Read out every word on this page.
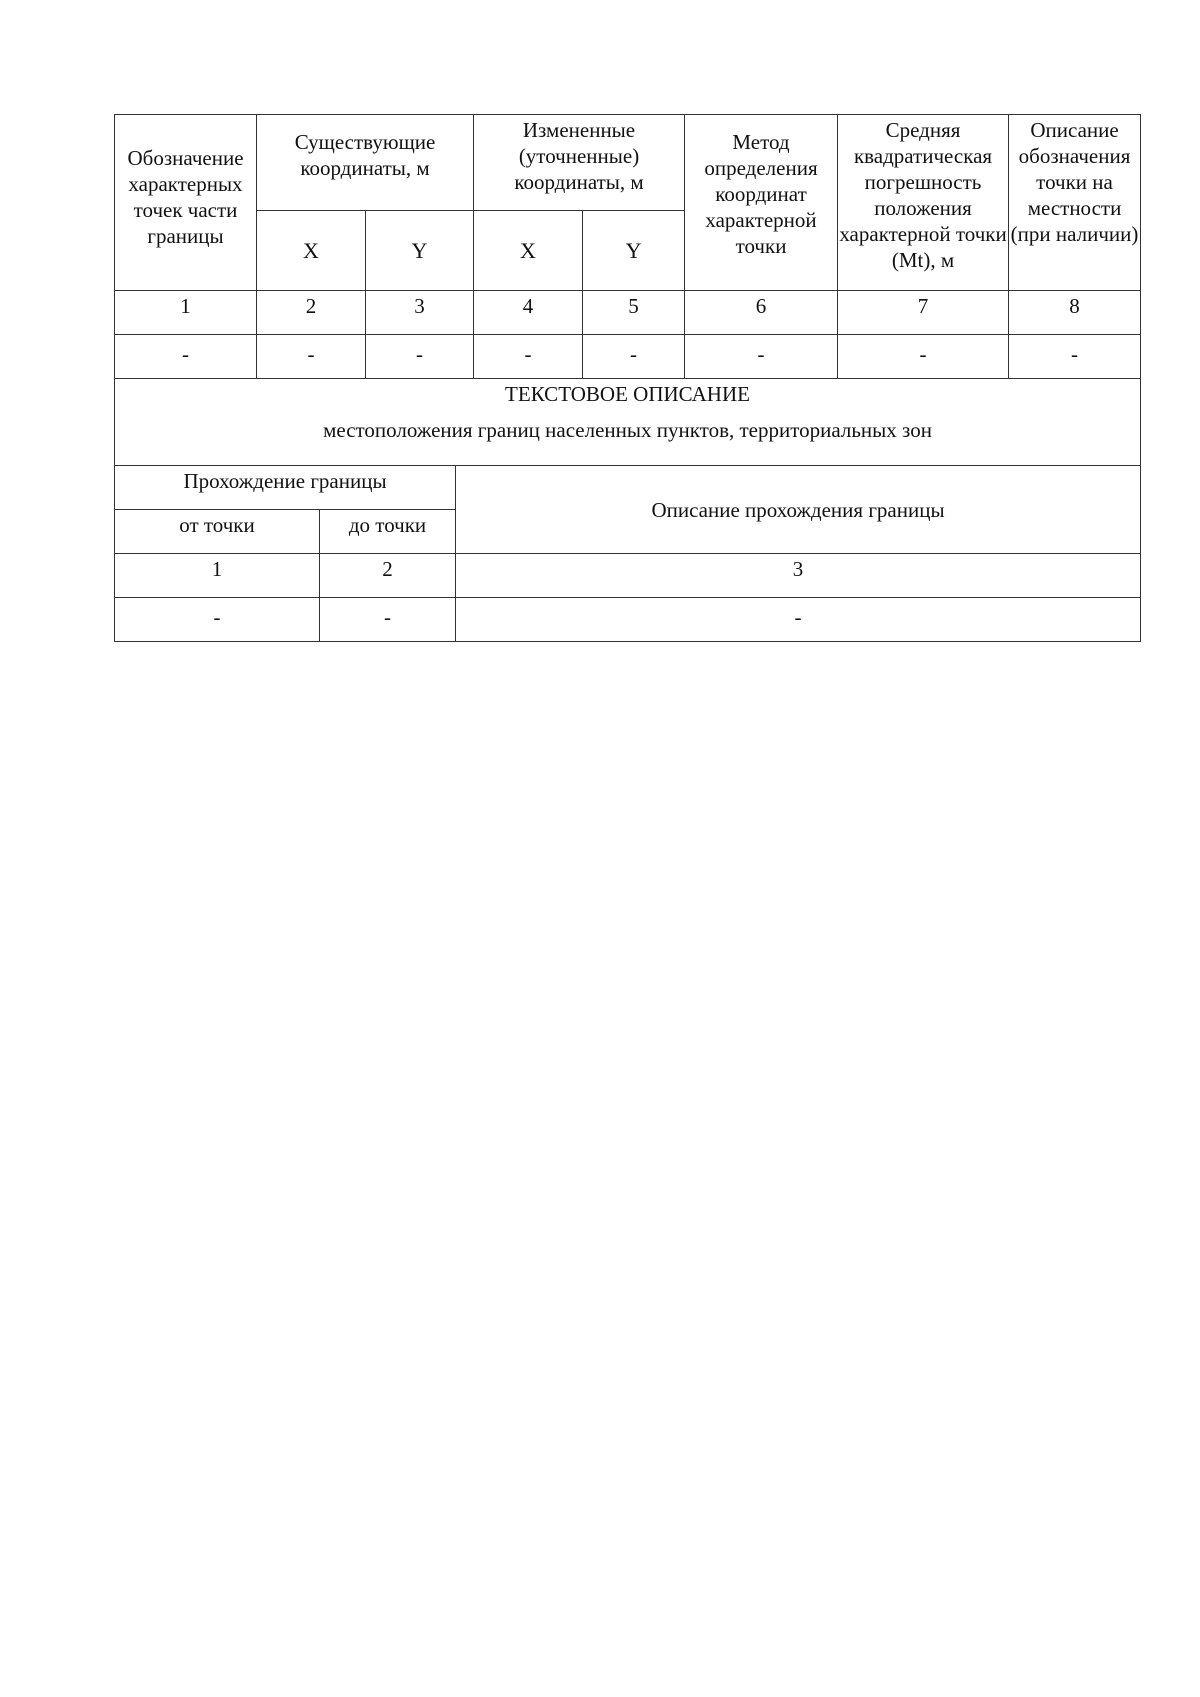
Обозначение характерных точек части границы	Существующие координаты, м		Измененные (уточненные) координаты, м		Метод определения координат характерной точки	Средняя квадратическая погрешность положения характерной точки (Mt), м	Описание обозначения точки на местности (при наличии)
	X	Y	X	Y			
1	2	3	4	5	6	7	8
-	-	-	-	-	-	-	-

ТЕКСТОВОЕ ОПИСАНИЕ
местоположения границ населенных пунктов, территориальных зон							
Прохождение границы		Описание прохождения границы
от точки	до точки	
1	2	3
-	-	-
